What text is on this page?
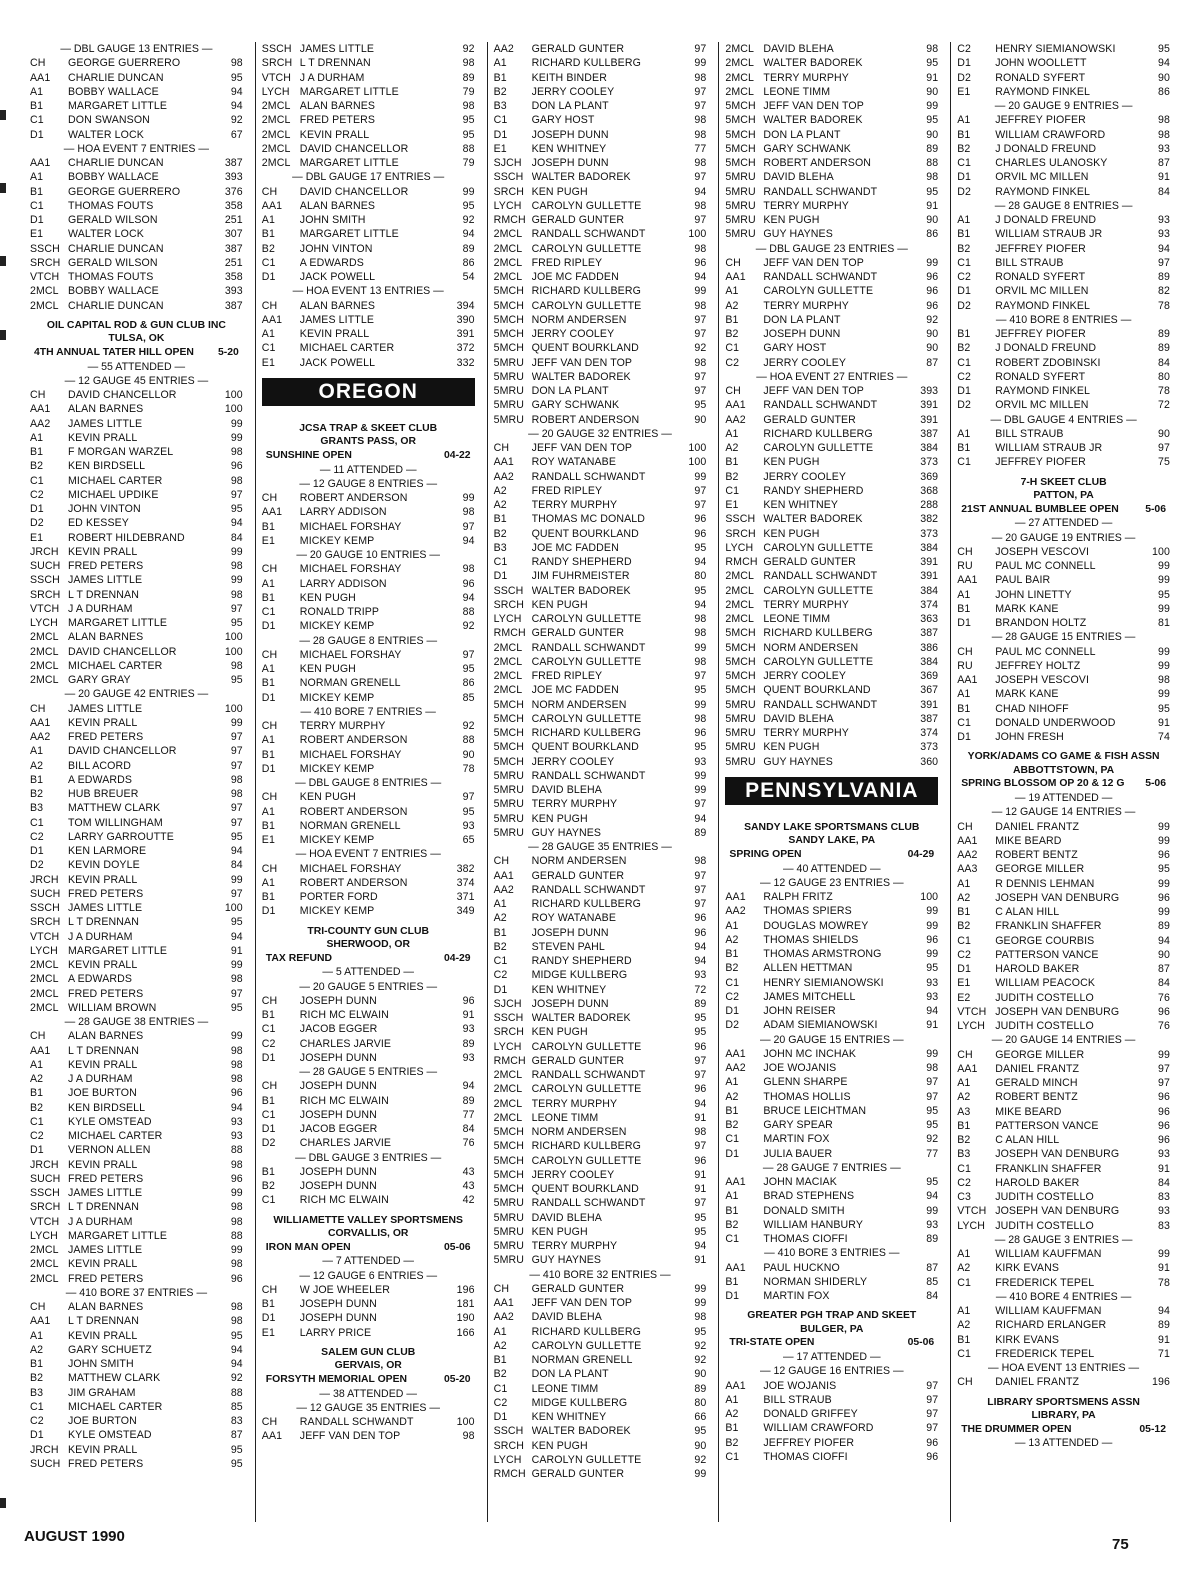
— DBL GAUGE 13 ENTRIES —
CH	GEORGE GUERRERO	98
AA1	CHARLIE DUNCAN	95
A1	BOBBY WALLACE	94
B1	MARGARET LITTLE	94
C1	DON SWANSON	92
D1	WALTER LOCK	67
— HOA EVENT 7 ENTRIES —
AA1	CHARLIE DUNCAN	387
A1	BOBBY WALLACE	393
B1	GEORGE GUERRERO	376
C1	THOMAS FOUTS	358
D1	GERALD WILSON	251
E1	WALTER LOCK	307
SSCH CHARLIE DUNCAN	387
SRCH GERALD WILSON	251
VTCH THOMAS FOUTS	358
2MCL BOBBY WALLACE	393
2MCL CHARLIE DUNCAN	387
OIL CAPITAL ROD & GUN CLUB INC
TULSA, OK
4TH ANNUAL TATER HILL OPEN 5-20
— 55 ATTENDED —
— 12 GAUGE 45 ENTRIES —
CH	DAVID CHANCELLOR	100
AA1	ALAN BARNES	100
AA2	JAMES LITTLE	99
A1	KEVIN PRALL	99
B1	F MORGAN WARZEL	98
B2	KEN BIRDSELL	96
C1	MICHAEL CARTER	98
C2	MICHAEL UPDIKE	97
D1	JOHN VINTON	95
D2	ED KESSEY	94
E1	ROBERT HILDEBRAND	84
JRCH KEVIN PRALL	99
SUCH FRED PETERS	98
SSCH JAMES LITTLE	99
SRCH L T DRENNAN	98
VTCH J A DURHAM	97
LYCH MARGARET LITTLE	95
2MCL ALAN BARNES	100
2MCL DAVID CHANCELLOR	100
2MCL MICHAEL CARTER	98
2MCL GARY GRAY	95
— 20 GAUGE 42 ENTRIES —
CH	JAMES LITTLE	100
AA1	KEVIN PRALL	99
AA2	FRED PETERS	97
A1	DAVID CHANCELLOR	97
A2	BILL ACORD	97
B1	A EDWARDS	98
B2	HUB BREUER	98
B3	MATTHEW CLARK	97
C1	TOM WILLINGHAM	97
C2	LARRY GARROUTTE	95
D1	KEN LARMORE	94
D2	KEVIN DOYLE	84
JRCH KEVIN PRALL	99
SUCH FRED PETERS	97
SSCH JAMES LITTLE	100
SRCH L T DRENNAN	95
VTCH J A DURHAM	94
LYCH MARGARET LITTLE	91
2MCL KEVIN PRALL	99
2MCL A EDWARDS	98
2MCL FRED PETERS	97
2MCL WILLIAM BROWN	95
— 28 GAUGE 38 ENTRIES —
CH	ALAN BARNES	99
AA1	L T DRENNAN	98
A1	KEVIN PRALL	98
A2	J A DURHAM	98
B1	JOE BURTON	96
B2	KEN BIRDSELL	94
C1	KYLE OMSTEAD	93
C2	MICHAEL CARTER	93
D1	VERNON ALLEN	88
JRCH KEVIN PRALL	98
SUCH FRED PETERS	96
SSCH JAMES LITTLE	99
SRCH L T DRENNAN	98
VTCH J A DURHAM	98
LYCH MARGARET LITTLE	88
2MCL JAMES LITTLE	99
2MCL KEVIN PRALL	98
2MCL FRED PETERS	96
— 410 BORE 37 ENTRIES —
CH	ALAN BARNES	98
AA1	L T DRENNAN	98
A1	KEVIN PRALL	95
A2	GARY SCHUETZ	94
B1	JOHN SMITH	94
B2	MATTHEW CLARK	92
B3	JIM GRAHAM	88
C1	MICHAEL CARTER	85
C2	JOE BURTON	83
D1	KYLE OMSTEAD	87
JRCH KEVIN PRALL	95
SUCH FRED PETERS	95
SSCH JAMES LITTLE	92
SRCH L T DRENNAN	98
VTCH J A DURHAM	89
LYCH MARGARET LITTLE	79
2MCL ALAN BARNES	98
2MCL FRED PETERS	95
2MCL KEVIN PRALL	95
2MCL DAVID CHANCELLOR	88
2MCL MARGARET LITTLE	79
— DBL GAUGE 17 ENTRIES —
CH	DAVID CHANCELLOR	99
AA1	ALAN BARNES	95
A1	JOHN SMITH	92
B1	MARGARET LITTLE	94
B2	JOHN VINTON	89
C1	A EDWARDS	86
D1	JACK POWELL	54
— HOA EVENT 13 ENTRIES —
CH	ALAN BARNES	394
AA1	JAMES LITTLE	390
A1	KEVIN PRALL	391
C1	MICHAEL CARTER	372
E1	JACK POWELL	332
OREGON
JCSA TRAP & SKEET CLUB
GRANTS PASS, OR
SUNSHINE OPEN	04-22
— 11 ATTENDED —
— 12 GAUGE 8 ENTRIES —
CH	ROBERT ANDERSON	99
AA1	LARRY ADDISON	98
B1	MICHAEL FORSHAY	97
E1	MICKEY KEMP	94
— 20 GAUGE 10 ENTRIES —
CH	MICHAEL FORSHAY	98
A1	LARRY ADDISON	96
B1	KEN PUGH	94
C1	RONALD TRIPP	88
D1	MICKEY KEMP	92
— 28 GAUGE 8 ENTRIES —
CH	MICHAEL FORSHAY	97
A1	KEN PUGH	95
B1	NORMAN GRENELL	86
D1	MICKEY KEMP	85
— 410 BORE 7 ENTRIES —
CH	TERRY MURPHY	92
A1	ROBERT ANDERSON	88
B1	MICHAEL FORSHAY	90
D1	MICKEY KEMP	78
— DBL GAUGE 8 ENTRIES —
CH	KEN PUGH	97
A1	ROBERT ANDERSON	95
B1	NORMAN GRENELL	93
E1	MICKEY KEMP	65
— HOA EVENT 7 ENTRIES —
CH	MICHAEL FORSHAY	382
A1	ROBERT ANDERSON	374
B1	PORTER FORD	371
D1	MICKEY KEMP	349
TRI-COUNTY GUN CLUB
SHERWOOD, OR
TAX REFUND	04-29
— 5 ATTENDED —
— 20 GAUGE 5 ENTRIES —
CH	JOSEPH DUNN	96
B1	RICH MC ELWAIN	91
C1	JACOB EGGER	93
C2	CHARLES JARVIE	89
D1	JOSEPH DUNN	93
— 28 GAUGE 5 ENTRIES —
CH	JOSEPH DUNN	94
B1	RICH MC ELWAIN	89
C1	JOSEPH DUNN	77
D1	JACOB EGGER	84
D2	CHARLES JARVIE	76
— DBL GAUGE 3 ENTRIES —
B1	JOSEPH DUNN	43
B2	JOSEPH DUNN	43
C1	RICH MC ELWAIN	42
WILLIAMETTE VALLEY SPORTSMENS
CORVALLIS, OR
IRON MAN OPEN	05-06
— 7 ATTENDED —
— 12 GAUGE 6 ENTRIES —
CH	W JOE WHEELER	196
B1	JOSEPH DUNN	181
D1	JOSEPH DUNN	190
E1	LARRY PRICE	166
SALEM GUN CLUB
GERVAIS, OR
FORSYTH MEMORIAL OPEN	05-20
— 38 ATTENDED —
— 12 GAUGE 35 ENTRIES —
CH	RANDALL SCHWANDT	100
AA1	JEFF VAN DEN TOP	98
AA2	GERALD GUNTER	97
A1	RICHARD KULLBERG	99
B1	KEITH BINDER	98
B2	JERRY COOLEY	97
B3	DON LA PLANT	97
C1	GARY HOST	98
D1	JOSEPH DUNN	98
E1	KEN WHITNEY	77
SJCH JOSEPH DUNN	98
SSCH WALTER BADOREK	97
SRCH KEN PUGH	94
LYCH CAROLYN GULLETTE	98
RMCH GERALD GUNTER	97
2MCL RANDALL SCHWANDT	100
2MCL CAROLYN GULLETTE	98
2MCL FRED RIPLEY	96
2MCL JOE MC FADDEN	94
5MCH RICHARD KULLBERG	99
5MCH CAROLYN GULLETTE	98
5MCH NORM ANDERSEN	97
5MCH JERRY COOLEY	97
5MCH QUENT BOURKLAND	92
5MRU JEFF VAN DEN TOP	98
5MRU WALTER BADOREK	97
5MRU DON LA PLANT	97
5MRU GARY SCHWANK	95
5MRU ROBERT ANDERSON	90
— 20 GAUGE 32 ENTRIES —
CH	JEFF VAN DEN TOP	100
AA1	ROY WATANABE	100
AA2	RANDALL SCHWANDT	99
A2	FRED RIPLEY	97
A2	TERRY MURPHY	97
B1	THOMAS MC DONALD	96
B2	QUENT BOURKLAND	96
B3	JOE MC FADDEN	95
C1	RANDY SHEPHERD	94
D1	JIM FUHRMEISTER	80
SSCH WALTER BADOREK	95
SRCH KEN PUGH	94
LYCH CAROLYN GULLETTE	98
RMCH GERALD GUNTER	98
2MCL RANDALL SCHWANDT	99
2MCL CAROLYN GULLETTE	98
2MCL FRED RIPLEY	97
2MCL JOE MC FADDEN	95
5MCH NORM ANDERSEN	99
5MCH CAROLYN GULLETTE	98
5MCH RICHARD KULLBERG	96
5MCH QUENT BOURKLAND	95
5MCH JERRY COOLEY	93
5MRU RANDALL SCHWANDT	99
5MRU DAVID BLEHA	99
5MRU TERRY MURPHY	97
5MRU KEN PUGH	94
5MRU GUY HAYNES	89
— 28 GAUGE 35 ENTRIES —
CH	NORM ANDERSEN	98
AA1	GERALD GUNTER	97
AA2	RANDALL SCHWANDT	97
A1	RICHARD KULLBERG	97
A2	ROY WATANABE	96
B1	JOSEPH DUNN	96
B2	STEVEN PAHL	94
C1	RANDY SHEPHERD	94
C2	MIDGE KULLBERG	93
D1	KEN WHITNEY	72
SJCH JOSEPH DUNN	89
SSCH WALTER BADOREK	95
SRCH KEN PUGH	95
LYCH CAROLYN GULLETTE	96
RMCH GERALD GUNTER	97
2MCL RANDALL SCHWANDT	97
2MCL CAROLYN GULLETTE	96
2MCL TERRY MURPHY	94
2MCL LEONE TIMM	91
5MCH NORM ANDERSEN	98
5MCH RICHARD KULLBERG	97
5MCH CAROLYN GULLETTE	96
5MCH JERRY COOLEY	91
5MCH QUENT BOURKLAND	91
5MRU RANDALL SCHWANDT	97
5MRU DAVID BLEHA	95
5MRU KEN PUGH	95
5MRU TERRY MURPHY	94
5MRU GUY HAYNES	91
— 410 BORE 32 ENTRIES —
CH	GERALD GUNTER	99
AA1	JEFF VAN DEN TOP	99
AA2	DAVID BLEHA	98
A1	RICHARD KULLBERG	95
A2	CAROLYN GULLETTE	92
B1	NORMAN GRENELL	92
B2	DON LA PLANT	90
C1	LEONE TIMM	89
C2	MIDGE KULLBERG	80
D1	KEN WHITNEY	66
SSCH WALTER BADOREK	95
SRCH KEN PUGH	90
LYCH CAROLYN GULLETTE	92
RMCH GERALD GUNTER	99
2MCL DAVID BLEHA	98
2MCL WALTER BADOREK	95
2MCL TERRY MURPHY	91
2MCL LEONE TIMM	90
5MCH JEFF VAN DEN TOP	99
5MCH WALTER BADOREK	95
5MCH DON LA PLANT	90
5MCH GARY SCHWANK	89
5MCH ROBERT ANDERSON	88
5MRU DAVID BLEHA	98
5MRU RANDALL SCHWANDT	95
5MRU TERRY MURPHY	91
5MRU KEN PUGH	90
5MRU GUY HAYNES	86
— DBL GAUGE 23 ENTRIES —
CH	JEFF VAN DEN TOP	99
AA1	RANDALL SCHWANDT	96
A1	CAROLYN GULLETTE	96
A2	TERRY MURPHY	96
B1	DON LA PLANT	92
B2	JOSEPH DUNN	90
C1	GARY HOST	90
C2	JERRY COOLEY	87
— HOA EVENT 27 ENTRIES —
CH	JEFF VAN DEN TOP	393
AA1	RANDALL SCHWANDT	391
AA2	GERALD GUNTER	391
A1	RICHARD KULLBERG	387
A2	CAROLYN GULLETTE	384
B1	KEN PUGH	373
B2	JERRY COOLEY	369
C1	RANDY SHEPHERD	368
E1	KEN WHITNEY	288
SSCH WALTER BADOREK	382
SRCH KEN PUGH	373
LYCH CAROLYN GULLETTE	384
RMCH GERALD GUNTER	391
2MCL RANDALL SCHWANDT	391
2MCL CAROLYN GULLETTE	384
2MCL TERRY MURPHY	374
2MCL LEONE TIMM	363
5MCH RICHARD KULLBERG	387
5MCH NORM ANDERSEN	386
5MCH CAROLYN GULLETTE	384
5MCH JERRY COOLEY	369
5MCH QUENT BOURKLAND	367
5MRU RANDALL SCHWANDT	391
5MRU DAVID BLEHA	387
5MRU TERRY MURPHY	374
5MRU KEN PUGH	373
5MRU GUY HAYNES	360
PENNSYLVANIA
SANDY LAKE SPORTSMANS CLUB
SANDY LAKE, PA
SPRING OPEN	04-29
— 40 ATTENDED —
— 12 GAUGE 23 ENTRIES —
AA1	RALPH FRITZ	100
AA2	THOMAS SPIERS	99
A1	DOUGLAS MOWREY	99
A2	THOMAS SHIELDS	96
B1	THOMAS ARMSTRONG	99
B2	ALLEN HETTMAN	95
C1	HENRY SIEMIANOWSKI	93
C2	JAMES MITCHELL	93
D1	JOHN REISER	94
D2	ADAM SIEMIANOWSKI	91
— 20 GAUGE 15 ENTRIES —
AA1	JOHN MC INCHAK	99
AA2	JOE WOJANIS	98
A1	GLENN SHARPE	97
A2	THOMAS HOLLIS	97
B1	BRUCE LEICHTMAN	95
B2	GARY SPEAR	95
C1	MARTIN FOX	92
D1	JULIA BAUER	77
— 28 GAUGE 7 ENTRIES —
AA1	JOHN MACIAK	95
A1	BRAD STEPHENS	94
B1	DONALD SMITH	99
B2	WILLIAM HANBURY	93
C1	THOMAS CIOFFI	89
— 410 BORE 3 ENTRIES —
AA1	PAUL HUCKNO	87
B1	NORMAN SHIDERLY	85
D1	MARTIN FOX	84
GREATER PGH TRAP AND SKEET
BULGER, PA
TRI-STATE OPEN	05-06
— 17 ATTENDED —
— 12 GAUGE 16 ENTRIES —
AA1	JOE WOJANIS	97
A1	BILL STRAUB	97
A2	DONALD GRIFFEY	97
B1	WILLIAM CRAWFORD	97
B2	JEFFREY PIOFER	96
C1	THOMAS CIOFFI	96
C2	HENRY SIEMIANOWSKI	95
D1	JOHN WOOLLETT	94
D2	RONALD SYFERT	90
E1	RAYMOND FINKEL	86
— 20 GAUGE 9 ENTRIES —
A1	JEFFREY PIOFER	98
B1	WILLIAM CRAWFORD	98
B2	J DONALD FREUND	93
C1	CHARLES ULANOSKY	87
D1	ORVIL MC MILLEN	91
D2	RAYMOND FINKEL	84
— 28 GAUGE 8 ENTRIES —
A1	J DONALD FREUND	93
B1	WILLIAM STRAUB JR	93
B2	JEFFREY PIOFER	94
C1	BILL STRAUB	97
C2	RONALD SYFERT	89
D1	ORVIL MC MILLEN	82
D2	RAYMOND FINKEL	78
— 410 BORE 8 ENTRIES —
B1	JEFFREY PIOFER	89
B2	J DONALD FREUND	89
C1	ROBERT ZDOBINSKI	84
C2	RONALD SYFERT	80
D1	RAYMOND FINKEL	78
D2	ORVIL MC MILLEN	72
— DBL GAUGE 4 ENTRIES —
A1	BILL STRAUB	90
B1	WILLIAM STRAUB JR	97
C1	JEFFREY PIOFER	75
7-H SKEET CLUB
PATTON, PA
21ST ANNUAL BUMBLEE OPEN	5-06
— 27 ATTENDED —
— 20 GAUGE 19 ENTRIES —
CH	JOSEPH VESCOVI	100
RU	PAUL MC CONNELL	99
AA1	PAUL BAIR	99
A1	JOHN LINETTY	95
B1	MARK KANE	99
D1	BRANDON HOLTZ	81
— 28 GAUGE 15 ENTRIES —
CH	PAUL MC CONNELL	99
RU	JEFFREY HOLTZ	99
AA1	JOSEPH VESCOVI	98
A1	MARK KANE	99
B1	CHAD NIHOFF	95
C1	DONALD UNDERWOOD	91
D1	JOHN FRESH	74
YORK/ADAMS CO GAME & FISH ASSN
ABBOTTSTOWN, PA
SPRING BLOSSOM OP 20 & 12 G 5-06
— 19 ATTENDED —
— 12 GAUGE 14 ENTRIES —
CH	DANIEL FRANTZ	99
AA1	MIKE BEARD	99
AA2	ROBERT BENTZ	96
AA3	GEORGE MILLER	95
A1	R DENNIS LEHMAN	99
A2	JOSEPH VAN DENBURG	96
B1	C ALAN HILL	99
B2	FRANKLIN SHAFFER	89
C1	GEORGE COURBIS	94
C2	PATTERSON VANCE	90
D1	HAROLD BAKER	87
E1	WILLIAM PEACOCK	84
E2	JUDITH COSTELLO	76
VTCH JOSEPH VAN DENBURG	96
LYCH JUDITH COSTELLO	76
— 20 GAUGE 14 ENTRIES —
CH	GEORGE MILLER	99
AA1	DANIEL FRANTZ	97
A1	GERALD MINCH	97
A2	ROBERT BENTZ	96
A3	MIKE BEARD	96
B1	PATTERSON VANCE	96
B2	C ALAN HILL	96
B3	JOSEPH VAN DENBURG	93
C1	FRANKLIN SHAFFER	91
C2	HAROLD BAKER	84
C3	JUDITH COSTELLO	83
VTCH JOSEPH VAN DENBURG	93
LYCH JUDITH COSTELLO	83
— 28 GAUGE 3 ENTRIES —
A1	WILLIAM KAUFFMAN	99
A2	KIRK EVANS	91
C1	FREDERICK TEPEL	78
— 410 BORE 4 ENTRIES —
A1	WILLIAM KAUFFMAN	94
A2	RICHARD ERLANGER	89
B1	KIRK EVANS	91
C1	FREDERICK TEPEL	71
— HOA EVENT 13 ENTRIES —
CH	DANIEL FRANTZ	196
LIBRARY SPORTSMENS ASSN
LIBRARY, PA
THE DRUMMER OPEN	05-12
— 13 ATTENDED —
AUGUST 1990	75
